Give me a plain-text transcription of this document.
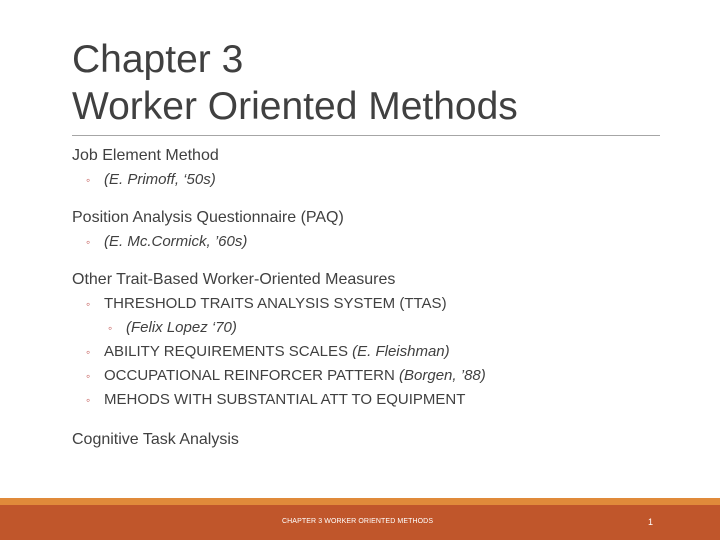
Chapter 3
Worker Oriented Methods
Job Element Method
◦ (E. Primoff, ‘50s)
Position Analysis Questionnaire (PAQ)
◦ (E. Mc.Cormick, ’60s)
Other Trait-Based Worker-Oriented Measures
◦ THRESHOLD TRAITS ANALYSIS SYSTEM (TTAS)
◦ (Felix Lopez ‘70)
◦ ABILITY REQUIREMENTS SCALES (E. Fleishman)
◦ OCCUPATIONAL REINFORCER PATTERN (Borgen, ’88)
◦ MEHODS WITH SUBSTANTIAL ATT TO EQUIPMENT
Cognitive Task Analysis
CHAPTER 3 WORKER ORIENTED METHODS	1
